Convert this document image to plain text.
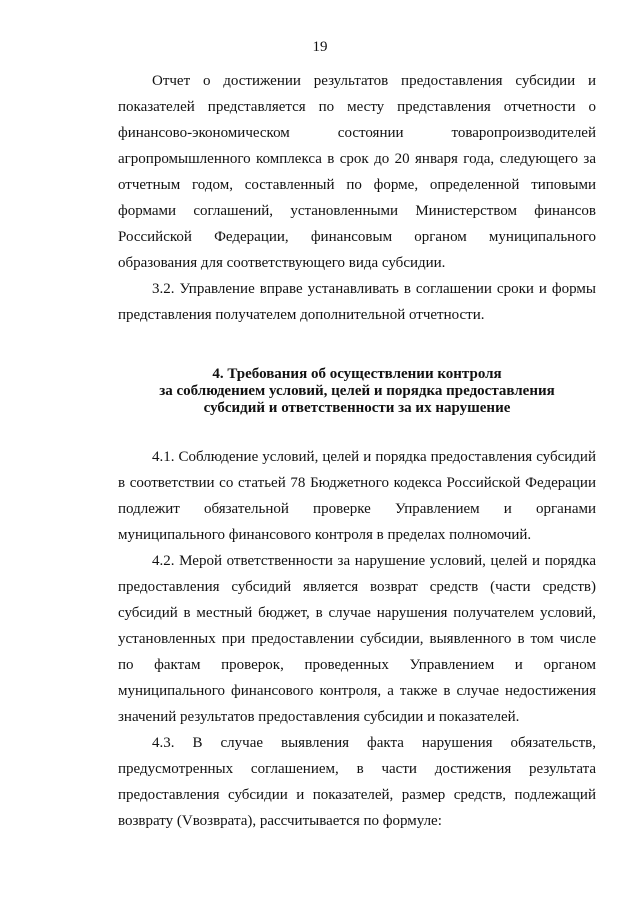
19

Отчет о достижении результатов предоставления субсидии и показателей представляется по месту представления отчетности о финансово-экономическом состоянии товаропроизводителей агропромышленного комплекса в срок до 20 января года, следующего за отчетным годом, составленный по форме, определенной типовыми формами соглашений, установленными Министерством финансов Российской Федерации, финансовым органом муниципального образования для соответствующего вида субсидии.

3.2. Управление вправе устанавливать в соглашении сроки и формы представления получателем дополнительной отчетности.

4. Требования об осуществлении контроля
за соблюдением условий, целей и порядка предоставления
субсидий и ответственности за их нарушение

4.1. Соблюдение условий, целей и порядка предоставления субсидий в соответствии со статьей 78 Бюджетного кодекса Российской Федерации подлежит обязательной проверке Управлением и органами муниципального финансового контроля в пределах полномочий.

4.2. Мерой ответственности за нарушение условий, целей и порядка предоставления субсидий является возврат средств (части средств) субсидий в местный бюджет, в случае нарушения получателем условий, установленных при предоставлении субсидии, выявленного в том числе по фактам проверок, проведенных Управлением и органом муниципального финансового контроля, а также в случае недостижения значений результатов предоставления субсидии и показателей.

4.3. В случае выявления факта нарушения обязательств, предусмотренных соглашением, в части достижения результата предоставления субсидии и показателей, размер средств, подлежащий возврату (Vвозврата), рассчитывается по формуле:
